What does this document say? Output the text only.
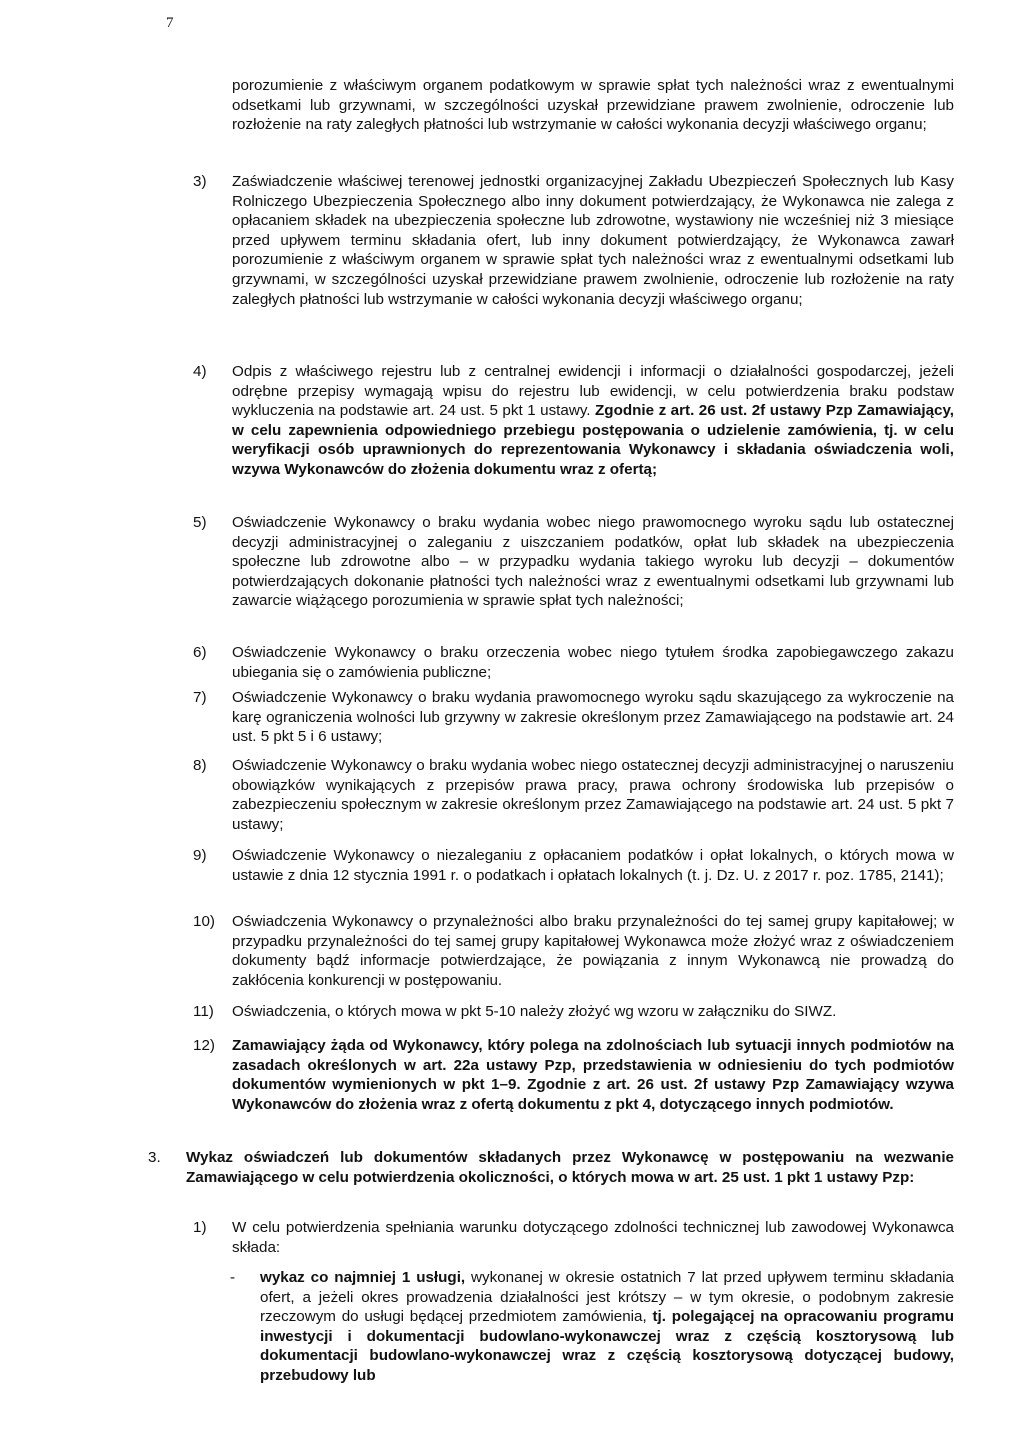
7
porozumienie z właściwym organem podatkowym w sprawie spłat tych należności wraz z ewentualnymi odsetkami lub grzywnami, w szczególności uzyskał przewidziane prawem zwolnienie, odroczenie lub rozłożenie na raty zaległych płatności lub wstrzymanie w całości wykonania decyzji właściwego organu;
3) Zaświadczenie właściwej terenowej jednostki organizacyjnej Zakładu Ubezpieczeń Społecznych lub Kasy Rolniczego Ubezpieczenia Społecznego albo inny dokument potwierdzający, że Wykonawca nie zalega z opłacaniem składek na ubezpieczenia społeczne lub zdrowotne, wystawiony nie wcześniej niż 3 miesiące przed upływem terminu składania ofert, lub inny dokument potwierdzający, że Wykonawca zawarł porozumienie z właściwym organem w sprawie spłat tych należności wraz z ewentualnymi odsetkami lub grzywnami, w szczególności uzyskał przewidziane prawem zwolnienie, odroczenie lub rozłożenie na raty zaległych płatności lub wstrzymanie w całości wykonania decyzji właściwego organu;
4) Odpis z właściwego rejestru lub z centralnej ewidencji i informacji o działalności gospodarczej, jeżeli odrębne przepisy wymagają wpisu do rejestru lub ewidencji, w celu potwierdzenia braku podstaw wykluczenia na podstawie art. 24 ust. 5 pkt 1 ustawy. Zgodnie z art. 26 ust. 2f ustawy Pzp Zamawiający, w celu zapewnienia odpowiedniego przebiegu postępowania o udzielenie zamówienia, tj. w celu weryfikacji osób uprawnionych do reprezentowania Wykonawcy i składania oświadczenia woli, wzywa Wykonawców do złożenia dokumentu wraz z ofertą;
5) Oświadczenie Wykonawcy o braku wydania wobec niego prawomocnego wyroku sądu lub ostatecznej decyzji administracyjnej o zaleganiu z uiszczaniem podatków, opłat lub składek na ubezpieczenia społeczne lub zdrowotne albo – w przypadku wydania takiego wyroku lub decyzji – dokumentów potwierdzających dokonanie płatności tych należności wraz z ewentualnymi odsetkami lub grzywnami lub zawarcie wiążącego porozumienia w sprawie spłat tych należności;
6) Oświadczenie Wykonawcy o braku orzeczenia wobec niego tytułem środka zapobiegawczego zakazu ubiegania się o zamówienia publiczne;
7) Oświadczenie Wykonawcy o braku wydania prawomocnego wyroku sądu skazującego za wykroczenie na karę ograniczenia wolności lub grzywny w zakresie określonym przez Zamawiającego na podstawie art. 24 ust. 5 pkt 5 i 6 ustawy;
8) Oświadczenie Wykonawcy o braku wydania wobec niego ostatecznej decyzji administracyjnej o naruszeniu obowiązków wynikających z przepisów prawa pracy, prawa ochrony środowiska lub przepisów o zabezpieczeniu społecznym w zakresie określonym przez Zamawiającego na podstawie art. 24 ust. 5 pkt 7 ustawy;
9) Oświadczenie Wykonawcy o niezaleganiu z opłacaniem podatków i opłat lokalnych, o których mowa w ustawie z dnia 12 stycznia 1991 r. o podatkach i opłatach lokalnych (t. j. Dz. U. z 2017 r. poz. 1785, 2141);
10) Oświadczenia Wykonawcy o przynależności albo braku przynależności do tej samej grupy kapitałowej; w przypadku przynależności do tej samej grupy kapitałowej Wykonawca może złożyć wraz z oświadczeniem dokumenty bądź informacje potwierdzające, że powiązania z innym Wykonawcą nie prowadzą do zakłócenia konkurencji w postępowaniu.
11) Oświadczenia, o których mowa w pkt 5-10 należy złożyć wg wzoru w załączniku do SIWZ.
12) Zamawiający żąda od Wykonawcy, który polega na zdolnościach lub sytuacji innych podmiotów na zasadach określonych w art. 22a ustawy Pzp, przedstawienia w odniesieniu do tych podmiotów dokumentów wymienionych w pkt 1–9. Zgodnie z art. 26 ust. 2f ustawy Pzp Zamawiający wzywa Wykonawców do złożenia wraz z ofertą dokumentu z pkt 4, dotyczącego innych podmiotów.
3. Wykaz oświadczeń lub dokumentów składanych przez Wykonawcę w postępowaniu na wezwanie Zamawiającego w celu potwierdzenia okoliczności, o których mowa w art. 25 ust. 1 pkt 1 ustawy Pzp:
1) W celu potwierdzenia spełniania warunku dotyczącego zdolności technicznej lub zawodowej Wykonawca składa:
- wykaz co najmniej 1 usługi, wykonanej w okresie ostatnich 7 lat przed upływem terminu składania ofert, a jeżeli okres prowadzenia działalności jest krótszy – w tym okresie, o podobnym zakresie rzeczowym do usługi będącej przedmiotem zamówienia, tj. polegającej na opracowaniu programu inwestycji i dokumentacji budowlano-wykonawczej wraz z częścią kosztorysową lub dokumentacji budowlano-wykonawczej wraz z częścią kosztorysową dotyczącej budowy, przebudowy lub
